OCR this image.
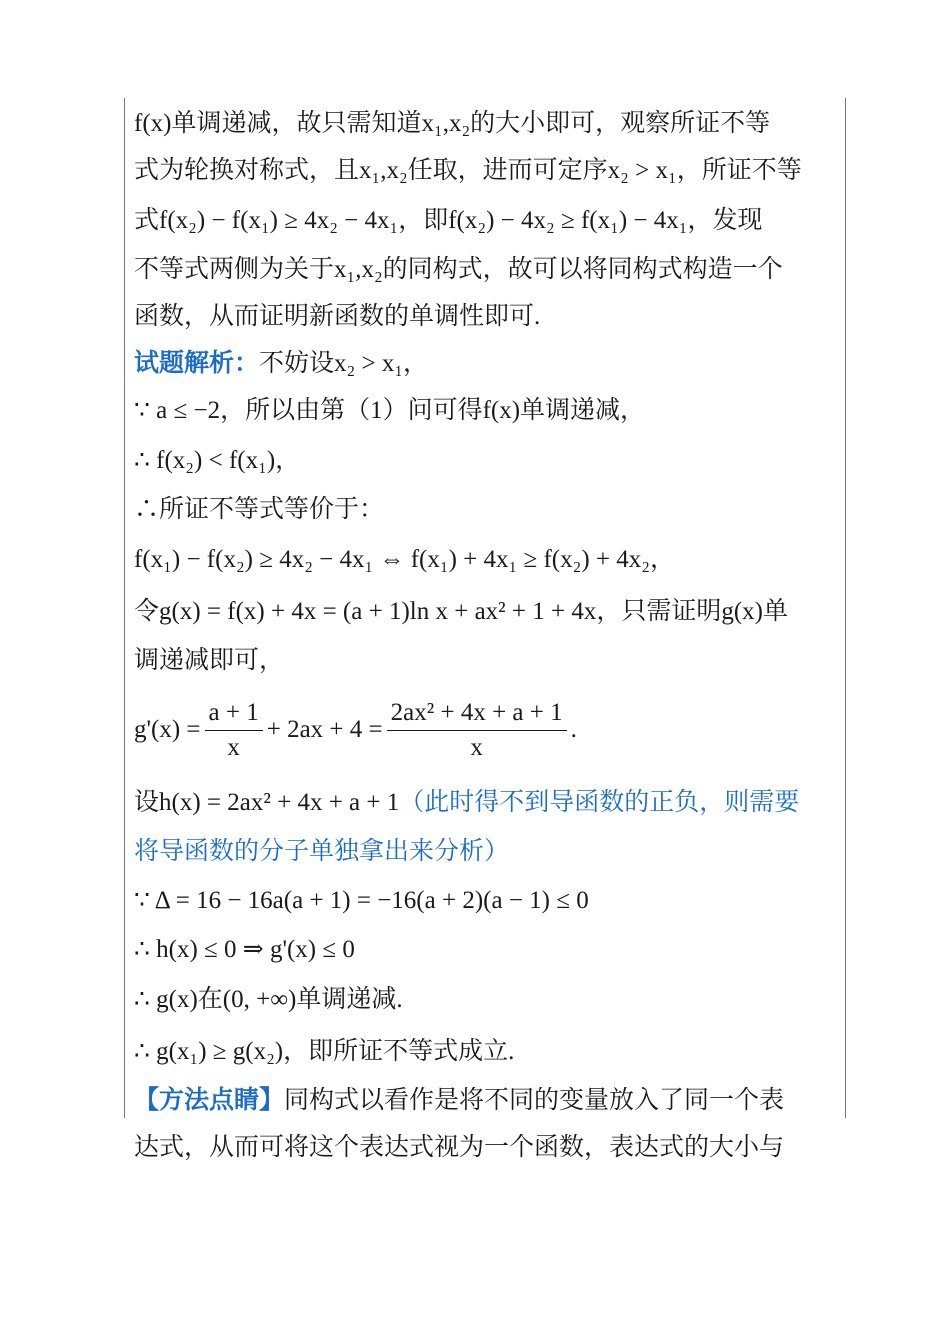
f(x)单调递减，故只需知道x₁,x₂的大小即可，观察所证不等

式为轮换对称式，且x₁,x₂任取，进而可定序x₂ > x₁，所证不等

式f(x₂) − f(x₁) ≥ 4x₂ − 4x₁，即f(x₂) − 4x₂ ≥ f(x₁) − 4x₁，发现

不等式两侧为关于x₁,x₂的同构式，故可以将同构式构造一个

函数，从而证明新函数的单调性即可.

试题解析：不妨设x₂ > x₁，

∵ a ≤ −2，所以由第（1）问可得f(x)单调递减，

∴ f(x₂) < f(x₁)，

∴所证不等式等价于：

f(x₁) − f(x₂) ≥ 4x₂ − 4x₁ ⇔ f(x₁) + 4x₁ ≥ f(x₂) + 4x₂，

令g(x) = f(x) + 4x = (a + 1)ln x + ax² + 1 + 4x，只需证明g(x)单

调递减即可，

$g'(x) = \frac{a + 1}{x} + 2ax + 4 = \frac{\text{2ax² + 4x + a + 1}}{x}$ .

设h(x) = 2ax² + 4x + a + 1（此时得不到导函数的正负，则需要

将导函数的分子单独拿出来分析）

∵ Δ = 16 − 16a(a + 1) = −16(a + 2)(a − 1) ≤ 0

∴ h(x) ≤ 0 ⇒ g'(x) ≤ 0

∴ g(x)在(0, +∞)单调递减.

∴ g(x₁) ≥ g(x₂)，即所证不等式成立.

【方法点睛】同构式以看作是将不同的变量放入了同一个表

达式，从而可将这个表达式视为一个函数，表达式的大小与
